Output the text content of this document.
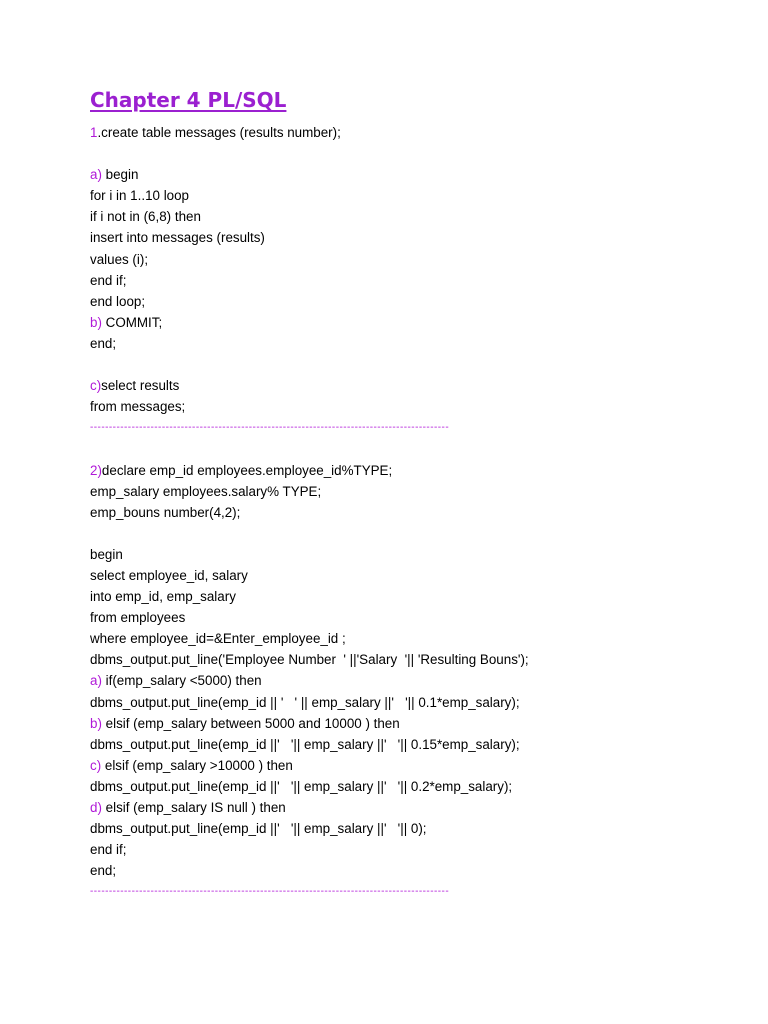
Chapter 4 PL/SQL
1.create table messages (results number);
a) begin
for i in 1..10 loop
if i not in (6,8) then
insert into messages (results)
values (i);
end if;
end loop;
b) COMMIT;
end;
c)select results
from messages;
-----------------------------------------------------------------------------------------------
2)declare emp_id employees.employee_id%TYPE;
emp_salary employees.salary% TYPE;
emp_bouns number(4,2);
begin
select employee_id, salary
into emp_id, emp_salary
from employees
where employee_id=&Enter_employee_id ;
dbms_output.put_line('Employee Number  ' ||'Salary  '|| 'Resulting Bouns');
a) if(emp_salary <5000) then
dbms_output.put_line(emp_id || '   ' || emp_salary ||'   '|| 0.1*emp_salary);
b) elsif (emp_salary between 5000 and 10000 ) then
dbms_output.put_line(emp_id ||'   '|| emp_salary ||'   '|| 0.15*emp_salary);
c) elsif (emp_salary >10000 ) then
dbms_output.put_line(emp_id ||'   '|| emp_salary ||'   '|| 0.2*emp_salary);
d) elsif (emp_salary IS null ) then
dbms_output.put_line(emp_id ||'   '|| emp_salary ||'   '|| 0);
end if;
end;
-----------------------------------------------------------------------------------------------
